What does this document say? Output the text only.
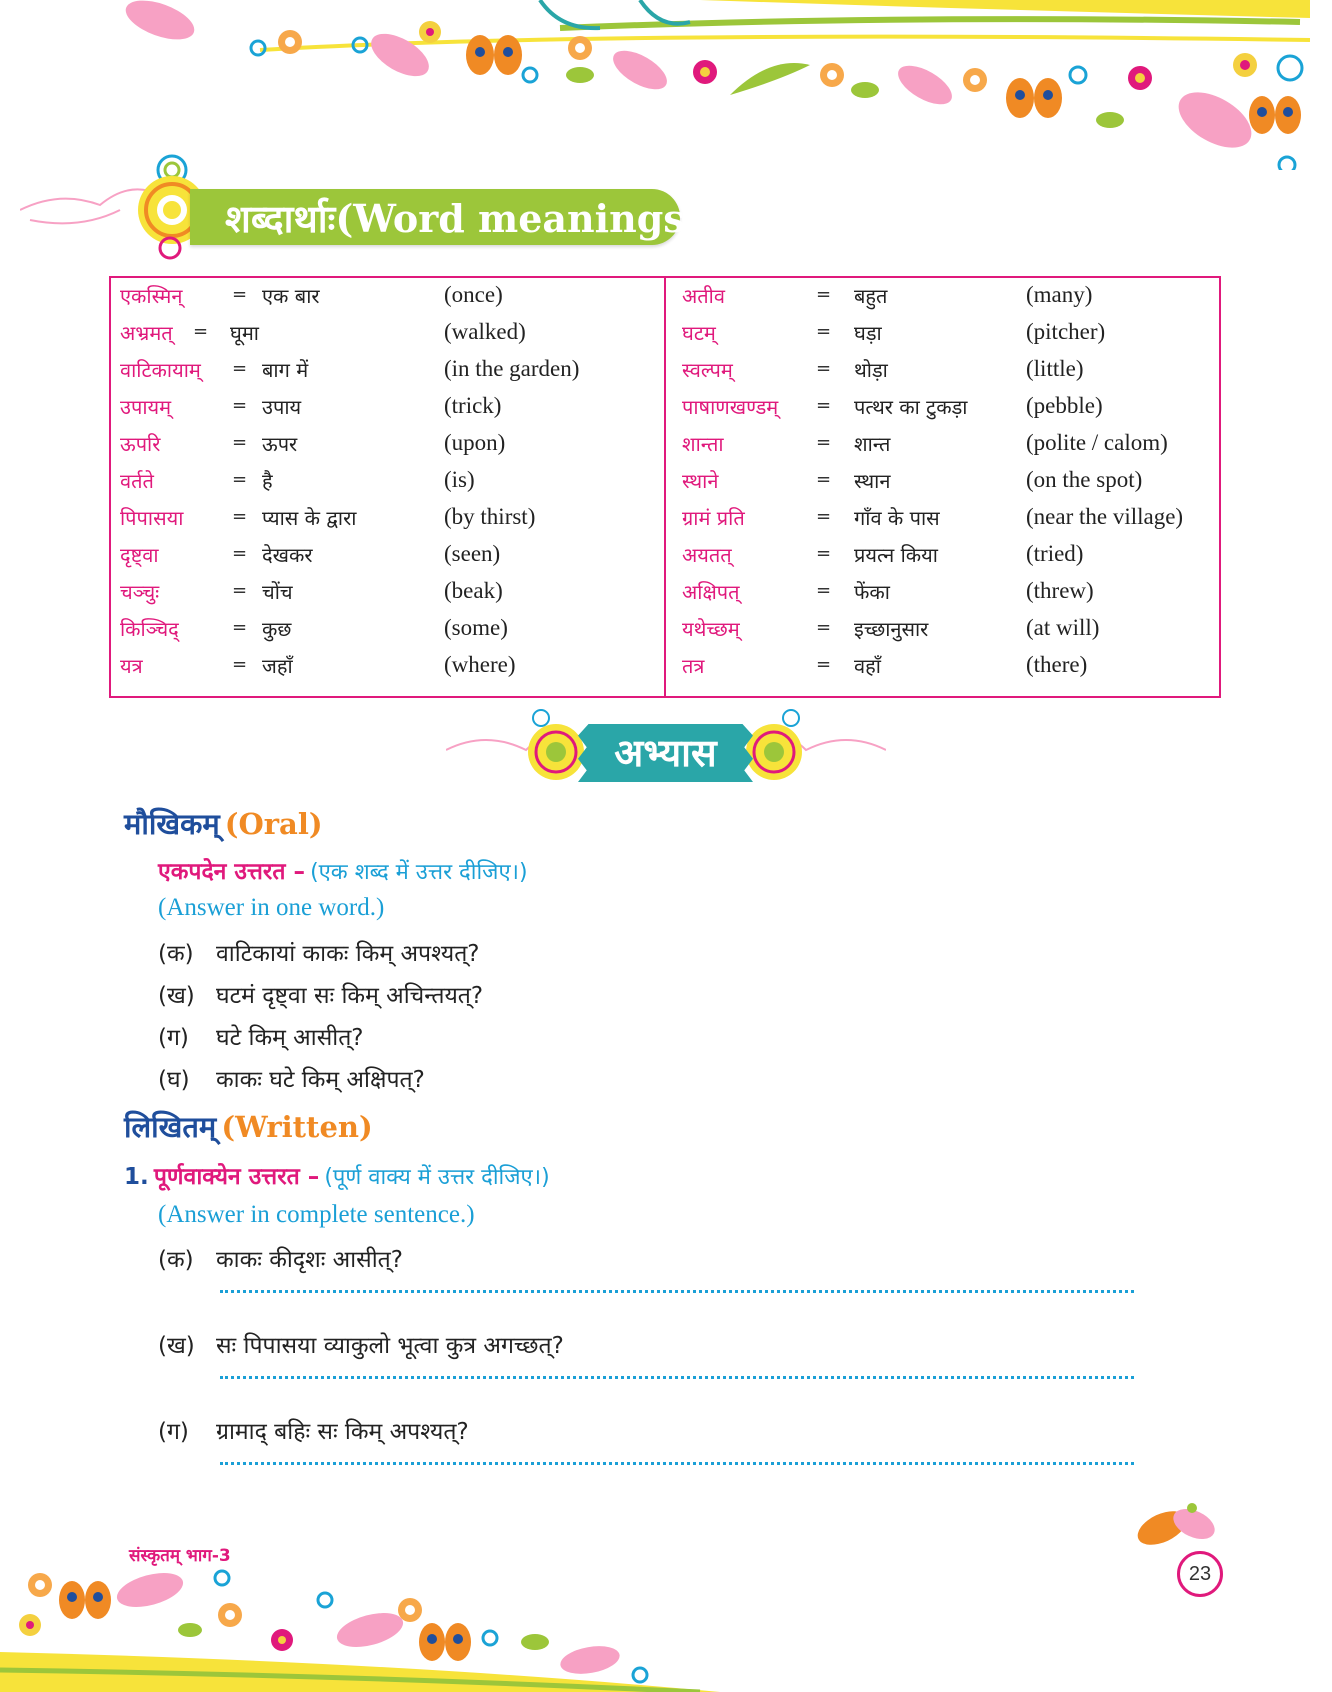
शब्दार्थाः(Word meanings)
एकस्मिन्	= एक बार	(once)
अभ्रमत् = घूमा	(walked)
वाटिकायाम् = बाग में	(in the garden)
उपायम्	= उपाय	(trick)
ऊपरि	= ऊपर	(upon)
वर्तते	= है	(is)
पिपासया	= प्यास के द्वारा	(by thirst)
दृष्ट्वा	= देखकर	(seen)
चञ्चुः	= चोंच	(beak)
किञ्चिद्	= कुछ	(some)
यत्र	= जहाँ	(where)
अतीव	= बहुत	(many)
घटम्	= घड़ा	(pitcher)
स्वल्पम्	= थोड़ा	(little)
पाषाणखण्डम् = पत्थर का टुकड़ा	(pebble)
शान्ता	= शान्त	(polite / calom)
स्थाने	= स्थान	(on the spot)
ग्रामं प्रति	= गाँव के पास	(near the village)
अयतत्	= प्रयत्न किया	(tried)
अक्षिपत्	= फेंका	(threw)
यथेच्छम्	= इच्छानुसार	(at will)
तत्र	= वहाँ	(there)
अभ्यास
मौखिकम् (Oral)
एकपदेन उत्तरत – (एक शब्द में उत्तर दीजिए।)
(Answer in one word.)
(क) वाटिकायां काकः किम् अपश्यत्?
(ख) घटमं दृष्ट्वा सः किम् अचिन्तयत्?
(ग) घटे किम् आसीत्?
(घ) काकः घटे किम् अक्षिपत्?
लिखितम् (Written)
1. पूर्णवाक्येन उत्तरत – (पूर्ण वाक्य में उत्तर दीजिए।)
(Answer in complete sentence.)
(क) काकः कीदृशः आसीत्?
(ख) सः पिपासया व्याकुलो भूत्वा कुत्र अगच्छत्?
(ग) ग्रामाद् बहिः सः किम् अपश्यत्?
संस्कृतम् भाग-3
23
